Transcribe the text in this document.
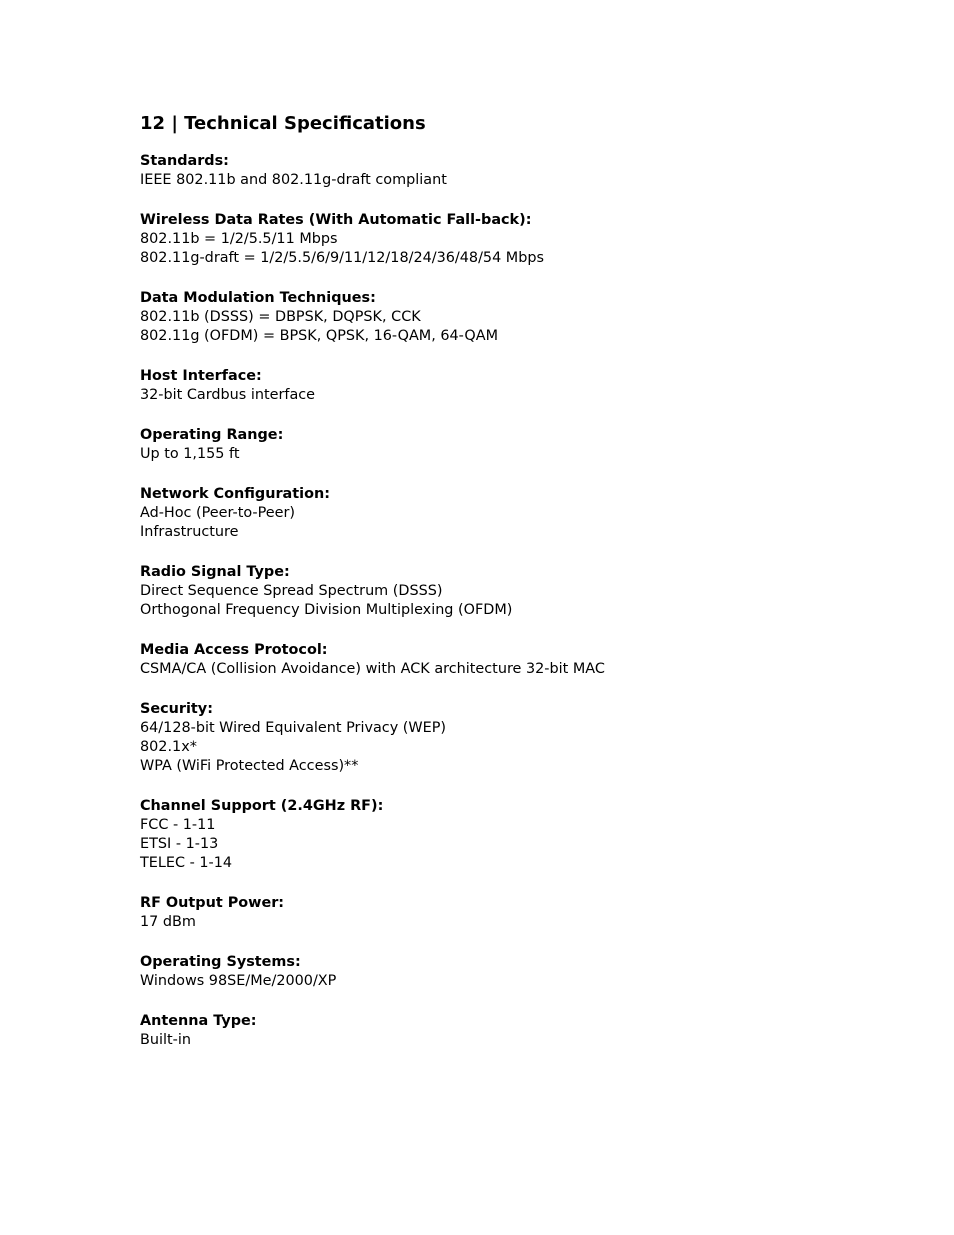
12 | Technical Specifications
Standards:
IEEE 802.11b and 802.11g-draft compliant
Wireless Data Rates (With Automatic Fall-back):
802.11b = 1/2/5.5/11 Mbps
802.11g-draft = 1/2/5.5/6/9/11/12/18/24/36/48/54 Mbps
Data Modulation Techniques:
802.11b (DSSS) = DBPSK, DQPSK, CCK
802.11g (OFDM) = BPSK, QPSK, 16-QAM, 64-QAM
Host Interface:
32-bit Cardbus interface
Operating Range:
Up to 1,155 ft
Network Configuration:
Ad-Hoc (Peer-to-Peer)
Infrastructure
Radio Signal Type:
Direct Sequence Spread Spectrum (DSSS)
Orthogonal Frequency Division Multiplexing (OFDM)
Media Access Protocol:
CSMA/CA (Collision Avoidance) with ACK architecture 32-bit MAC
Security:
64/128-bit Wired Equivalent Privacy (WEP)
802.1x*
WPA (WiFi Protected Access)**
Channel Support (2.4GHz RF):
FCC - 1-11
ETSI - 1-13
TELEC - 1-14
RF Output Power:
17 dBm
Operating Systems:
Windows 98SE/Me/2000/XP
Antenna Type:
Built-in
